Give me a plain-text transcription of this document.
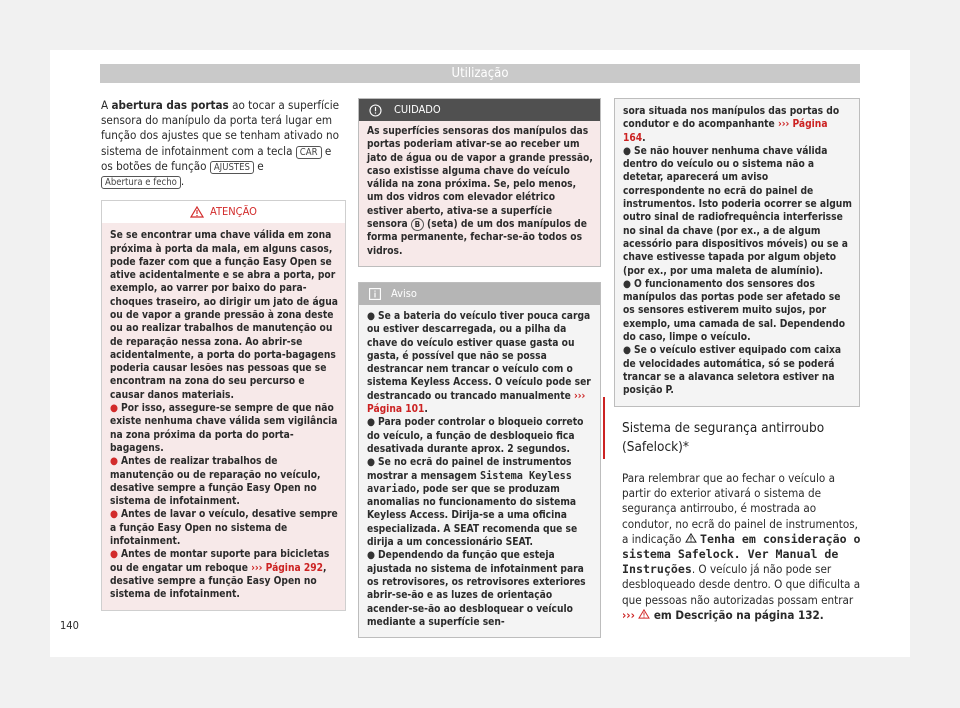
Utilização

A abertura das portas ao tocar a superfície sensora do manípulo da porta terá lugar em função dos ajustes que se tenham ativado no sistema de infotainment com a tecla CAR e os botões de função AJUSTES e Abertura e fecho .

ATENÇÃO

Se se encontrar uma chave válida em zona próxima à porta da mala, em alguns casos, pode fazer com que a função Easy Open se ative acidentalmente e se abra a porta, por exemplo, ao varrer por baixo do para-choques traseiro, ao dirigir um jato de água ou de vapor a grande pressão à zona deste ou ao realizar trabalhos de manutenção ou de reparação nessa zona. Ao abrir-se acidentalmente, a porta do porta-bagagens poderia causar lesões nas pessoas que se encontram na zona do seu percurso e causar danos materiais.

● Por isso, assegure-se sempre de que não existe nenhuma chave válida sem vigilância na zona próxima da porta do porta-bagagens.

● Antes de realizar trabalhos de manutenção ou de reparação no veículo, desative sempre a função Easy Open no sistema de infotainment.

● Antes de lavar o veículo, desative sempre a função Easy Open no sistema de infotainment.

● Antes de montar suporte para bicicletas ou de engatar um reboque ››› Página 292, desative sempre a função Easy Open no sistema de infotainment.

CUIDADO

As superfícies sensoras dos manípulos das portas poderiam ativar-se ao receber um jato de água ou de vapor a grande pressão, caso existisse alguma chave do veículo válida na zona próxima. Se, pelo menos, um dos vidros com elevador elétrico estiver aberto, ativa-se a superfície sensora B (seta) de um dos manípulos de forma permanente, fechar-se-ão todos os vidros.

Aviso

● Se a bateria do veículo tiver pouca carga ou estiver descarregada, ou a pilha da chave do veículo estiver quase gasta ou gasta, é possível que não se possa destrancar nem trancar o veículo com o sistema Keyless Access. O veículo pode ser destrancado ou trancado manualmente ››› Página 101.

● Para poder controlar o bloqueio correto do veículo, a função de desbloqueio fica desativada durante aprox. 2 segundos.

● Se no ecrã do painel de instrumentos mostrar a mensagem Sistema Keyless avariado, pode ser que se produzam anomalias no funcionamento do sistema Keyless Access. Dirija-se a uma oficina especializada. A SEAT recomenda que se dirija a um concessionário SEAT.

● Dependendo da função que esteja ajustada no sistema de infotainment para os retrovisores, os retrovisores exteriores abrir-se-ão e as luzes de orientação acender-se-ão ao desbloquear o veículo mediante a superfície sen-

sora situada nos manípulos das portas do condutor e do acompanhante ››› Página 164.

● Se não houver nenhuma chave válida dentro do veículo ou o sistema não a detetar, aparecerá um aviso correspondente no ecrã do painel de instrumentos. Isto poderia ocorrer se algum outro sinal de radiofrequência interferisse no sinal da chave (por ex., a de algum acessório para dispositivos móveis) ou se a chave estivesse tapada por algum objeto (por ex., por uma maleta de alumínio).

● O funcionamento dos sensores dos manípulos das portas pode ser afetado se os sensores estiverem muito sujos, por exemplo, uma camada de sal. Dependendo do caso, limpe o veículo.

● Se o veículo estiver equipado com caixa de velocidades automática, só se poderá trancar se a alavanca seletora estiver na posição P.

Sistema de segurança antirroubo (Safelock)*

Para relembrar que ao fechar o veículo a partir do exterior ativará o sistema de segurança antirroubo, é mostrada ao condutor, no ecrã do painel de instrumentos, a indicação  Tenha em consideração o sistema Safelock. Ver Manual de Instruções. O veículo já não pode ser desbloqueado desde dentro. O que dificulta a que pessoas não autorizadas possam entrar ›››  em Descrição na página 132.

140
